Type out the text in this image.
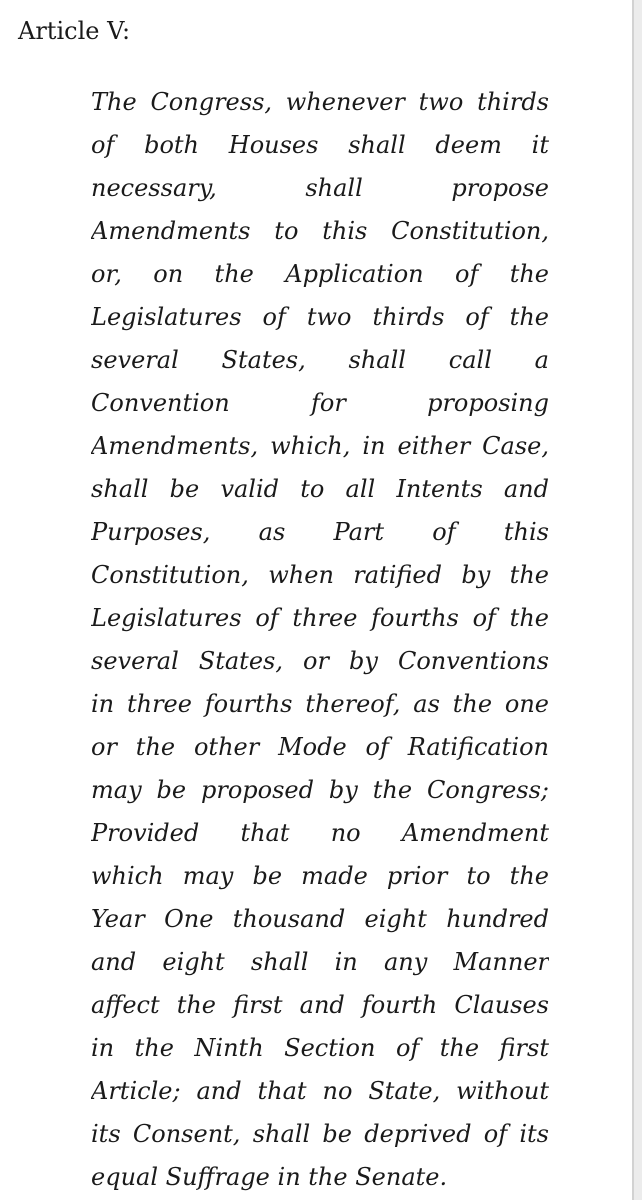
Article V:
The Congress, whenever two thirds
of both Houses shall deem it
necessary, shall propose
Amendments to this Constitution,
or, on the Application of the
Legislatures of two thirds of the
several States, shall call a
Convention for proposing
Amendments, which, in either Case,
shall be valid to all Intents and
Purposes, as Part of this
Constitution, when ratified by the
Legislatures of three fourths of the
several States, or by Conventions
in three fourths thereof, as the one
or the other Mode of Ratification
may be proposed by the Congress;
Provided that no Amendment
which may be made prior to the
Year One thousand eight hundred
and eight shall in any Manner
affect the first and fourth Clauses
in the Ninth Section of the first
Article; and that no State, without
its Consent, shall be deprived of its
equal Suffrage in the Senate.
